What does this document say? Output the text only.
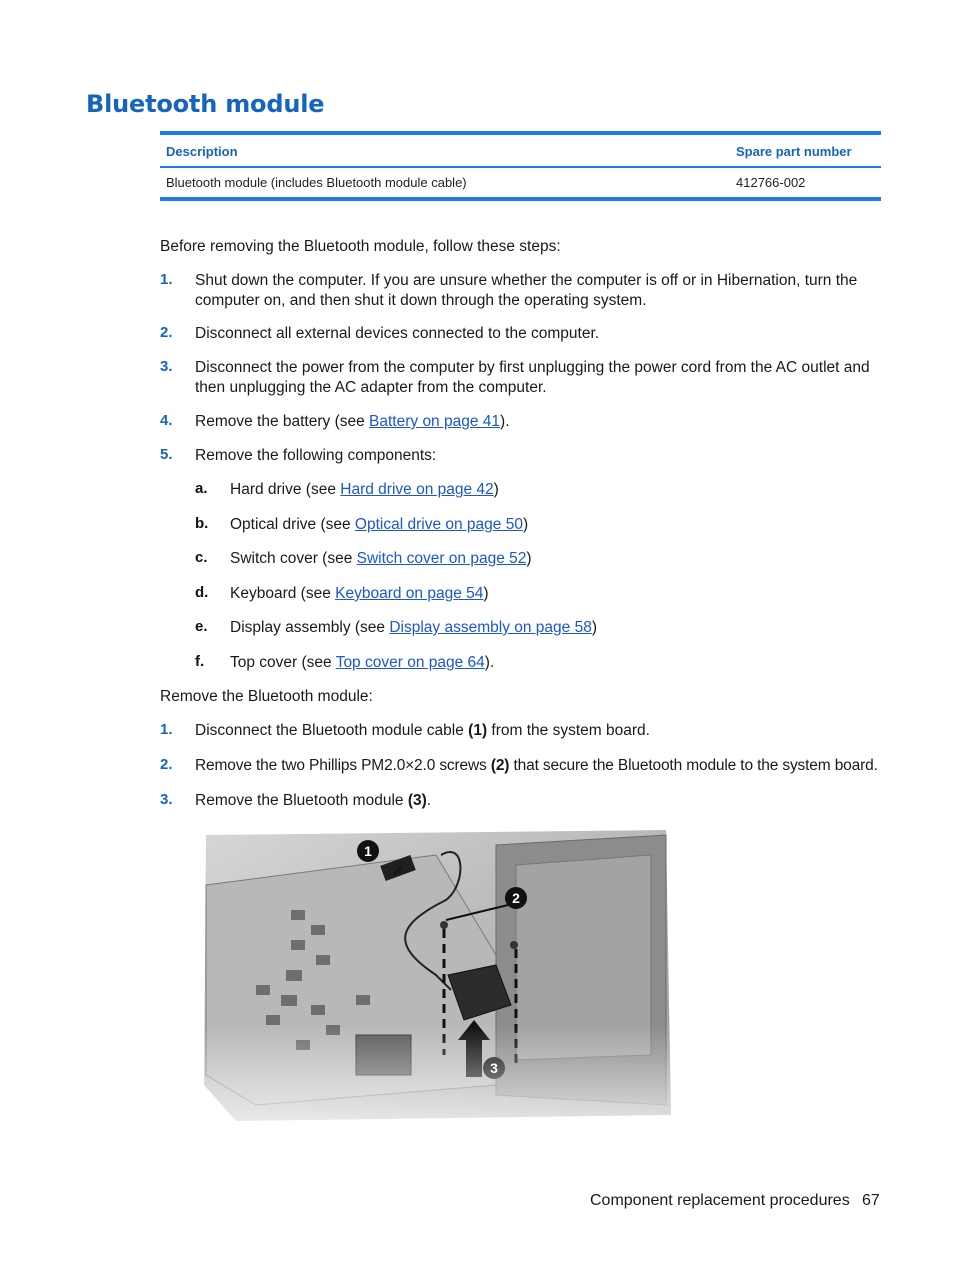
Bluetooth module
Description	Spare part number
Bluetooth module (includes Bluetooth module cable)	412766-002

Before removing the Bluetooth module, follow these steps:

1. Shut down the computer. If you are unsure whether the computer is off or in Hibernation, turn the computer on, and then shut it down through the operating system.
2. Disconnect all external devices connected to the computer.
3. Disconnect the power from the computer by first unplugging the power cord from the AC outlet and then unplugging the AC adapter from the computer.
4. Remove the battery (see Battery on page 41).
5. Remove the following components:
a. Hard drive (see Hard drive on page 42)
b. Optical drive (see Optical drive on page 50)
c. Switch cover (see Switch cover on page 52)
d. Keyboard (see Keyboard on page 54)
e. Display assembly (see Display assembly on page 58)
f. Top cover (see Top cover on page 64).

Remove the Bluetooth module:

1. Disconnect the Bluetooth module cable (1) from the system board.
2. Remove the two Phillips PM2.0×2.0 screws (2) that secure the Bluetooth module to the system board.
3. Remove the Bluetooth module (3).
1
2
Component replacement procedures 67
